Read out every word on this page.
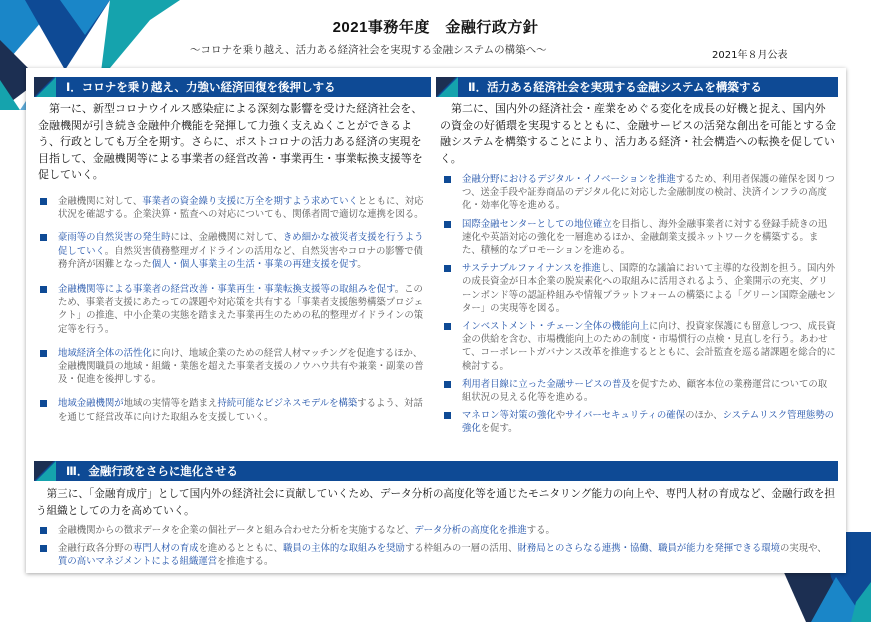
2021事務年度　金融行政方針
～コロナを乗り越え、活力ある経済社会を実現する金融システムの構築へ～	2021年８月公表
Ⅰ．コロナを乗り越え、力強い経済回復を後押しする

第一に、新型コロナウイルス感染症による深刻な影響を受けた経済社会を、金融機関が引き続き金融仲介機能を発揮して力強く支えぬくことができるよう、行政としても万全を期す。さらに、ポストコロナの活力ある経済の実現を目指して、金融機関等による事業者の経営改善・事業再生・事業転換支援等を促していく。

金融機関に対して、事業者の資金繰り支援に万全を期すよう求めていくとともに、対応状況を確認する。企業決算・監査への対応についても、関係者間で適切な連携を図る。
豪雨等の自然災害の発生時には、金融機関に対して、きめ細かな被災者支援を行うよう促していく。自然災害債務整理ガイドラインの活用など、自然災害やコロナの影響で債務弁済が困難となった個人・個人事業主の生活・事業の再建支援を促す。
金融機関等による事業者の経営改善・事業再生・事業転換支援等の取組みを促す。このため、事業者支援にあたっての課題や対応策を共有する「事業者支援態勢構築プロジェクト」の推進、中小企業の実態を踏まえた事業再生のための私的整理ガイドラインの策定等を行う。
地域経済全体の活性化に向け、地域企業のための経営人材マッチングを促進するほか、金融機関職員の地域・組織・業態を超えた事業者支援のノウハウ共有や兼業・副業の普及・促進を後押しする。
地域金融機関が地域の実情等を踏まえ持続可能なビジネスモデルを構築するよう、対話を通じて経営改革に向けた取組みを支援していく。
Ⅱ．活力ある経済社会を実現する金融システムを構築する

第二に、国内外の経済社会・産業をめぐる変化を成長の好機と捉え、国内外の資金の好循環を実現するとともに、金融サービスの活発な創出を可能とする金融システムを構築することにより、活力ある経済・社会構造への転換を促していく。

金融分野におけるデジタル・イノベーションを推進するため、利用者保護の確保を図りつつ、送金手段や証券商品のデジタル化に対応した金融制度の検討、決済インフラの高度化・効率化等を進める。
国際金融センターとしての地位確立を目指し、海外金融事業者に対する登録手続きの迅速化や英語対応の強化を一層進めるほか、金融創業支援ネットワークを構築する。また、積極的なプロモーションを進める。
サステナブルファイナンスを推進し、国際的な議論において主導的な役割を担う。国内外の成長資金が日本企業の脱炭素化への取組みに活用されるよう、企業開示の充実、グリーンボンド等の認証枠組みや情報プラットフォームの構築による「グリーン国際金融センター」の実現等を図る。
インベストメント・チェーン全体の機能向上に向け、投資家保護にも留意しつつ、成長資金の供給を含む、市場機能向上のための制度・市場慣行の点検・見直しを行う。あわせて、コーポレートガバナンス改革を推進するとともに、会計監査を巡る諸課題を総合的に検討する。
利用者目線に立った金融サービスの普及を促すため、顧客本位の業務運営についての取組状況の見える化等を進める。
マネロン等対策の強化やサイバーセキュリティの確保のほか、システムリスク管理態勢の強化を促す。
Ⅲ．金融行政をさらに進化させる

第三に、「金融育成庁」として国内外の経済社会に貢献していくため、データ分析の高度化等を通じたモニタリング能力の向上や、専門人材の育成など、金融行政を担う組織としての力を高めていく。

金融機関からの徴求データを企業の個社データと組み合わせた分析を実施するなど、データ分析の高度化を推進する。
金融行政各分野の専門人材の育成を進めるとともに、職員の主体的な取組みを奨励する枠組みの一層の活用、財務局とのさらなる連携・協働、職員が能力を発揮できる環境の実現や、質の高いマネジメントによる組織運営を推進する。
